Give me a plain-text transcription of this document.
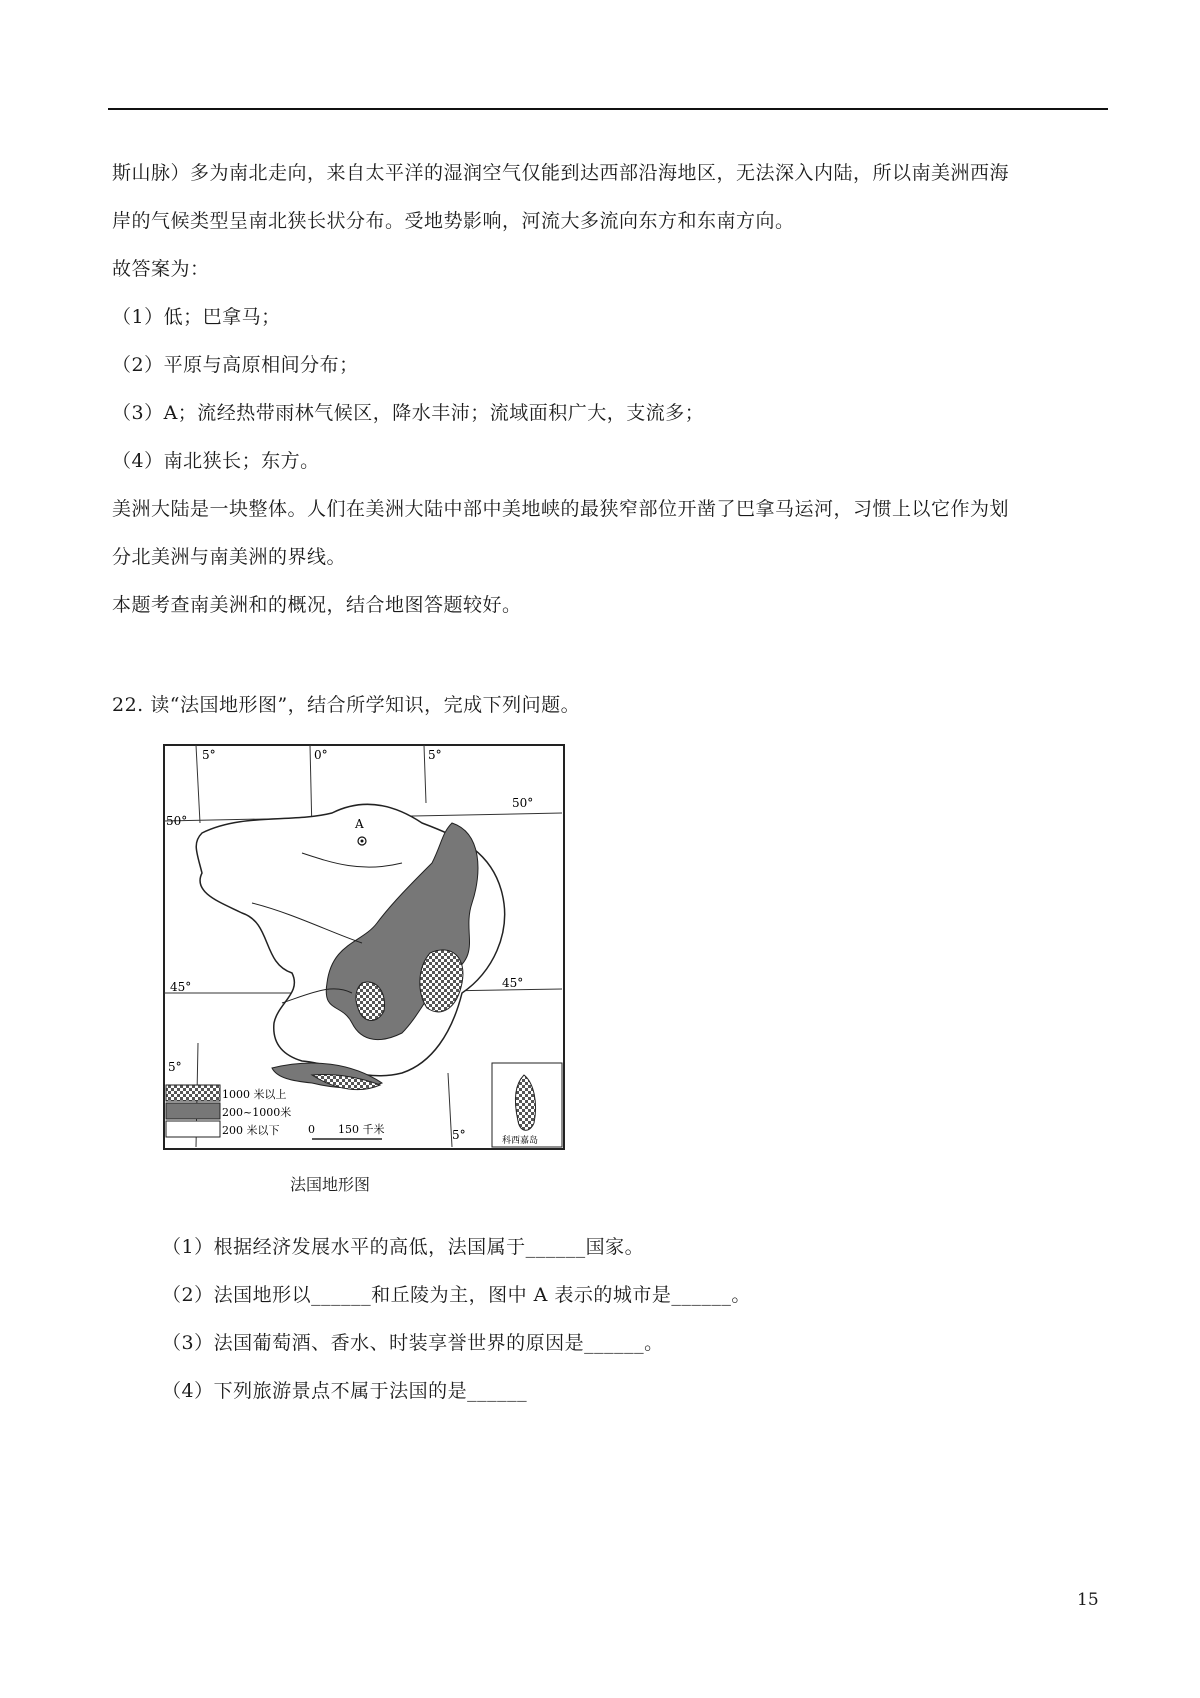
斯山脉）多为南北走向，来自太平洋的湿润空气仅能到达西部沿海地区，无法深入内陆，所以南美洲西海
岸的气候类型呈南北狭长状分布。受地势影响，河流大多流向东方和东南方向。
故答案为：
（1）低；巴拿马；
（2）平原与高原相间分布；
（3）A；流经热带雨林气候区，降水丰沛；流域面积广大，支流多；
（4）南北狭长；东方。
美洲大陆是一块整体。人们在美洲大陆中部中美地峡的最狭窄部位开凿了巴拿马运河，习惯上以它作为划
分北美洲与南美洲的界线。
本题考查南美洲和的概况，结合地图答题较好。
22. 读“法国地形图”，结合所学知识，完成下列问题。
A
50°
50°
45°	45°
5°	0°	5°
5°
5°
1000 米以上
200~1000米
200 米以下	0 150 千米
科西嘉岛
法国地形图
（1）根据经济发展水平的高低，法国属于______国家。
（2）法国地形以______和丘陵为主，图中 A 表示的城市是______。
（3）法国葡萄酒、香水、时装享誉世界的原因是______。
（4）下列旅游景点不属于法国的是______
15
